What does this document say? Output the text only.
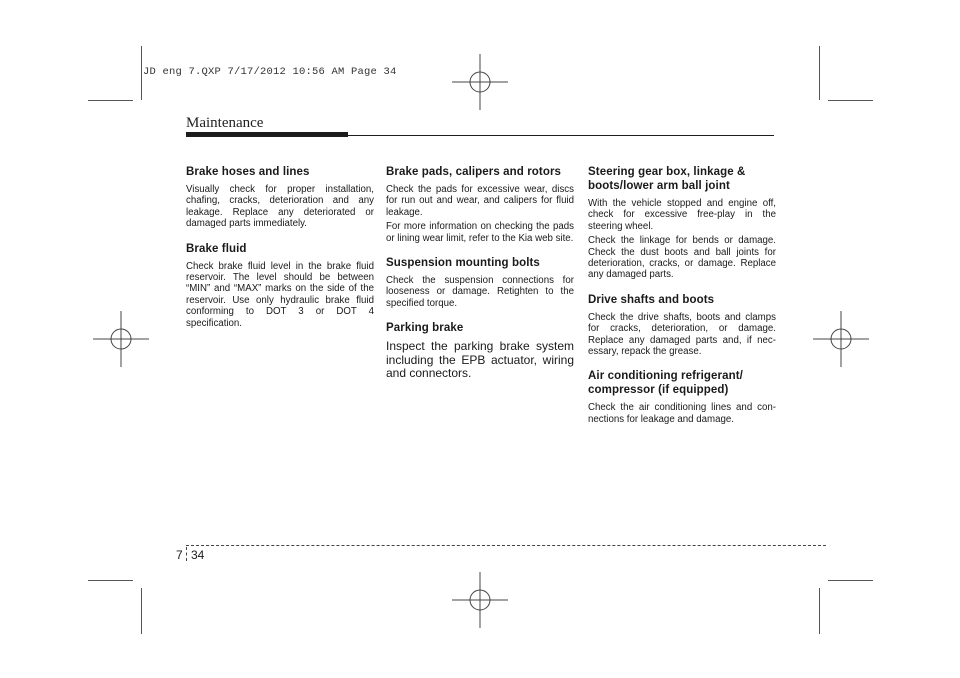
JD eng 7.QXP 7/17/2012 10:56 AM Page 34
Maintenance
Brake hoses and lines

Visually check for proper installation, chafing, cracks, deterioration and any leakage. Replace any deteriorated or damaged parts immediately.

Brake fluid

Check brake fluid level in the brake fluid reservoir. The level should be between “MIN” and “MAX” marks on the side of the reservoir. Use only hydraulic brake fluid conforming to DOT 3 or DOT 4 specification.

Brake pads, calipers and rotors

Check the pads for excessive wear, discs for run out and wear, and calipers for fluid leakage.

For more information on checking the pads or lining wear limit, refer to the Kia web site.

Suspension mounting bolts

Check the suspension connections for looseness or damage. Retighten to the specified torque.

Parking brake

Inspect the parking brake system including the EPB actuator, wiring and connectors.

Steering gear box, linkage & boots/lower arm ball joint

With the vehicle stopped and engine off, check for excessive free-play in the steering wheel.

Check the linkage for bends or damage. Check the dust boots and ball joints for deterioration, cracks, or damage. Replace any damaged parts.

Drive shafts and boots

Check the drive shafts, boots and clamps for cracks, deterioration, or damage. Replace any damaged parts and, if nec-essary, repack the grease.

Air conditioning refrigerant/ compressor (if equipped)

Check the air conditioning lines and con-nections for leakage and damage.

7 34
